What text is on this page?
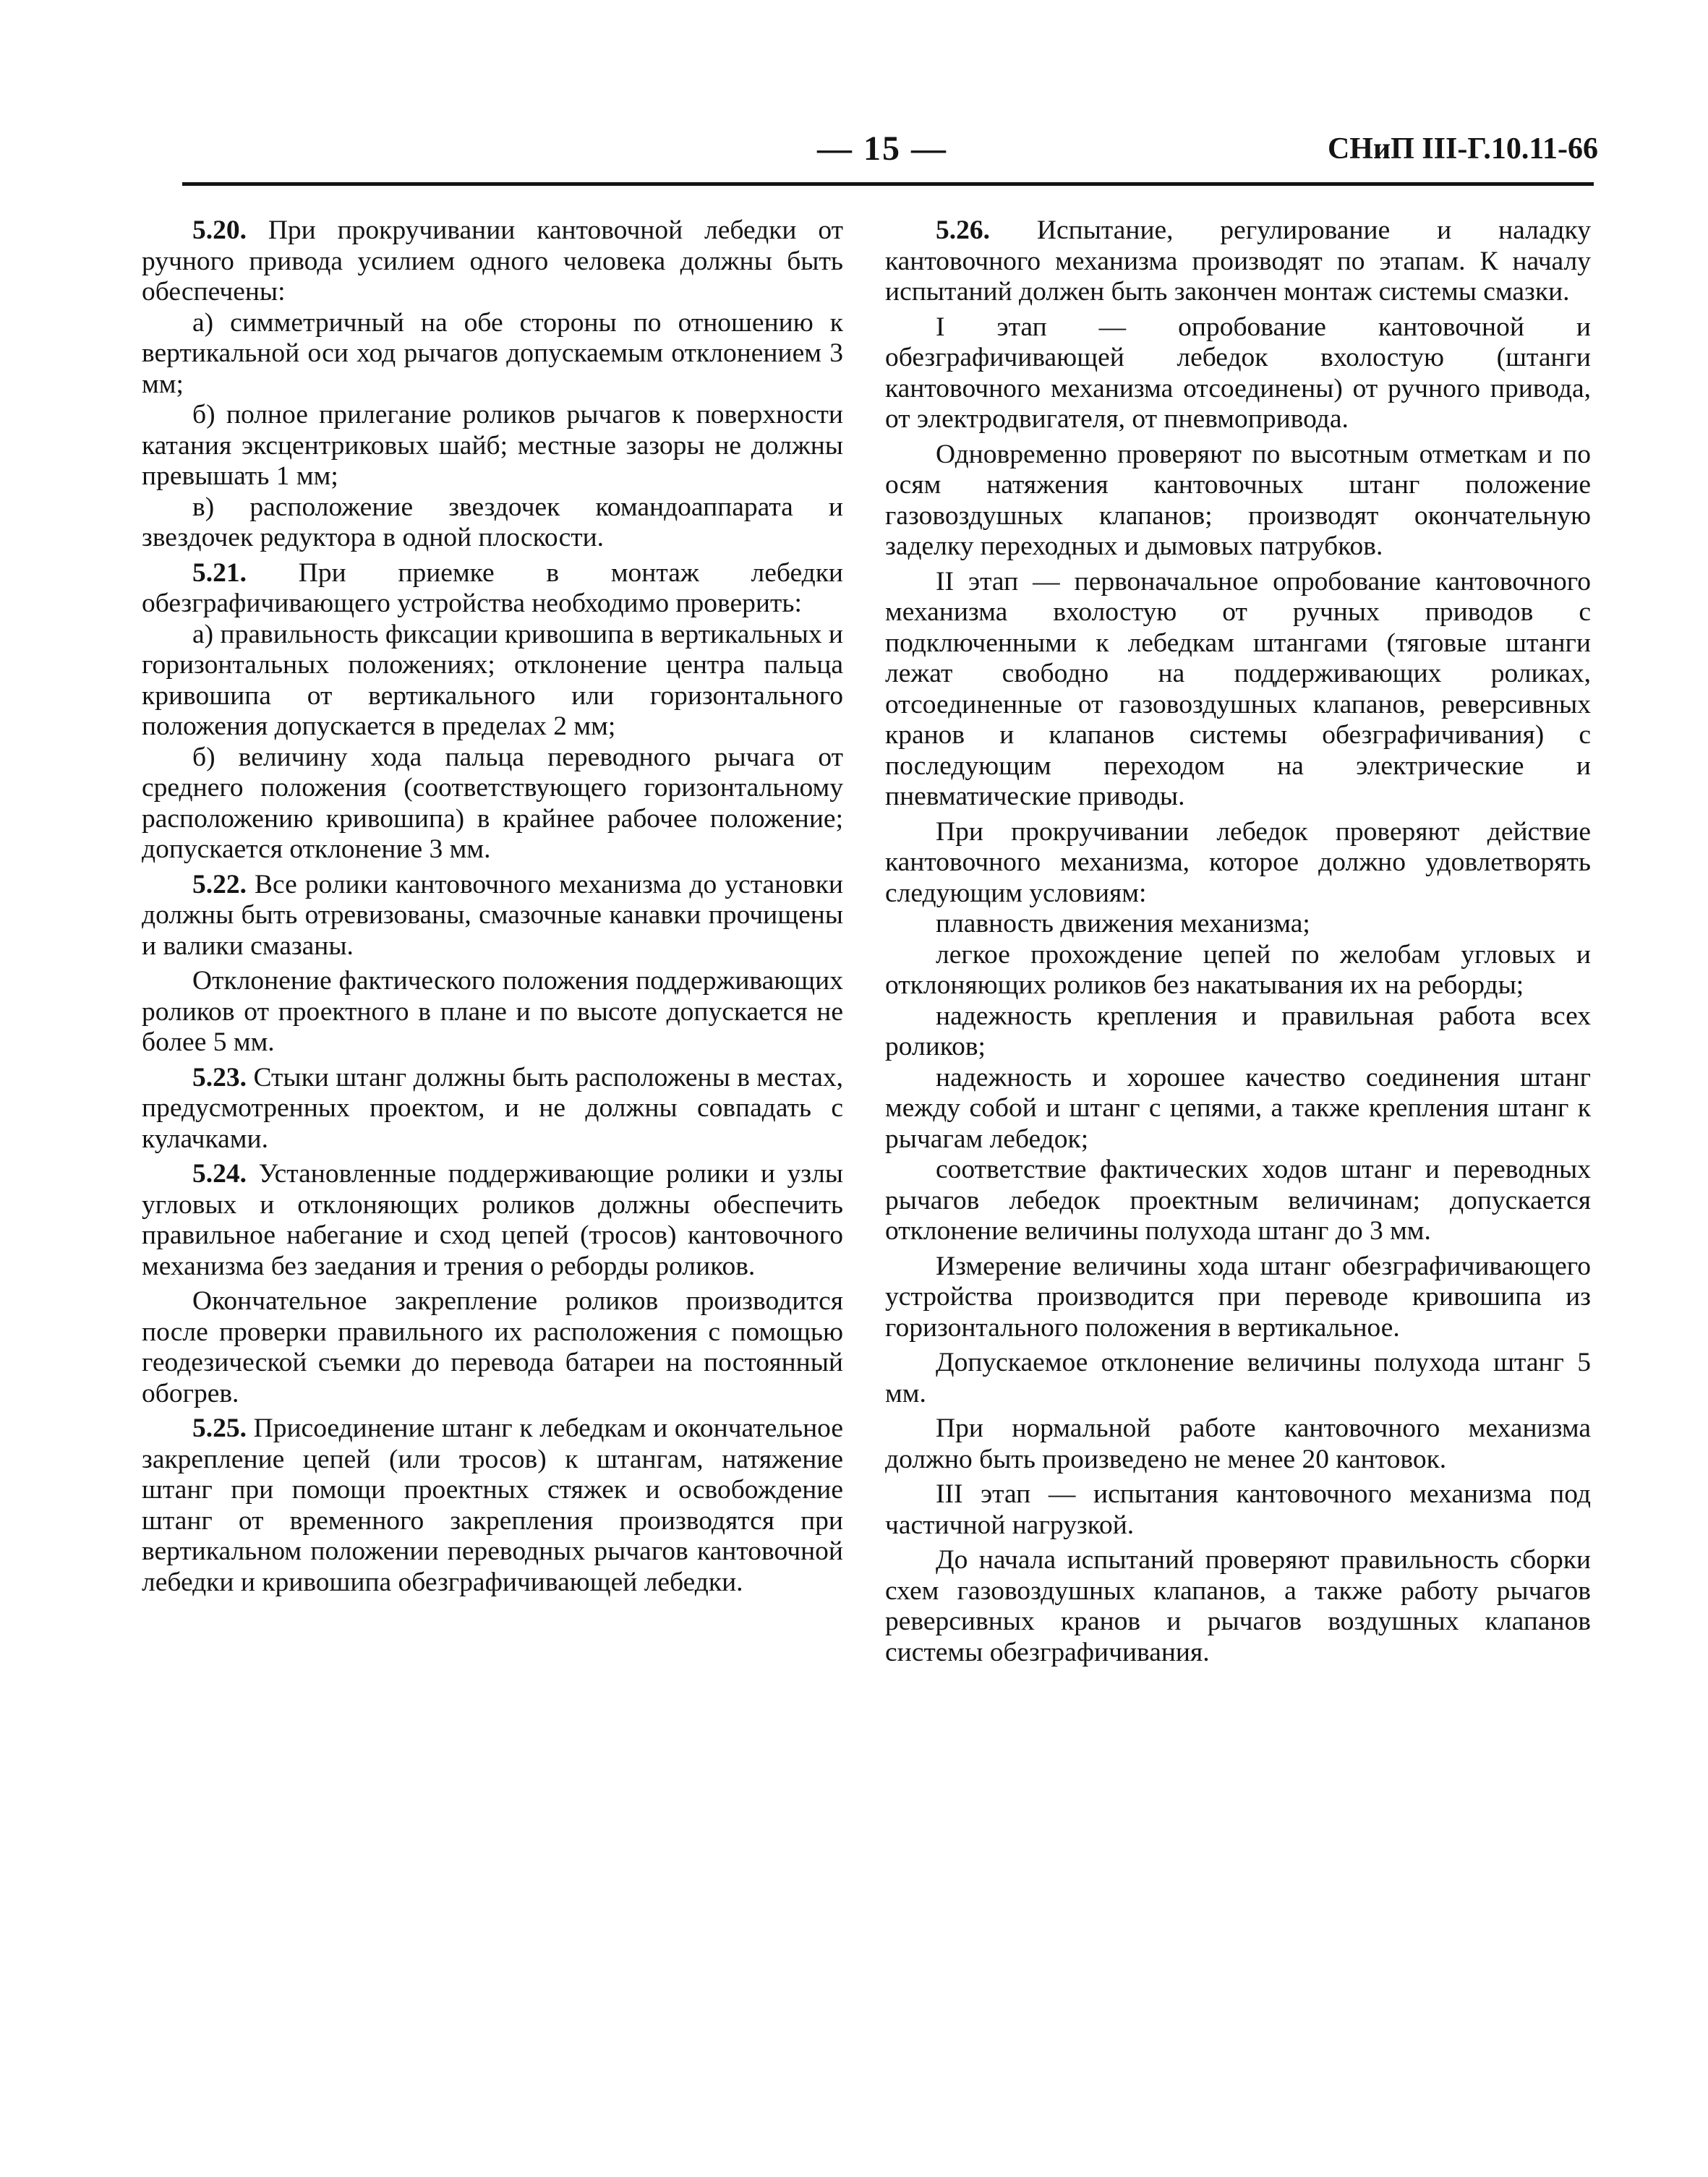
— 15 —	СНиП III-Г.10.11-66

5.20. При прокручивании кантовочной лебедки от ручного привода усилием одного человека должны быть обеспечены:

а) симметричный на обе стороны по отношению к вертикальной оси ход рычагов допускаемым отклонением 3 мм;

б) полное прилегание роликов рычагов к поверхности катания эксцентриковых шайб; местные зазоры не должны превышать 1 мм;

в) расположение звездочек командоаппарата и звездочек редуктора в одной плоскости.

5.21. При приемке в монтаж лебедки обезграфичивающего устройства необходимо проверить:

а) правильность фиксации кривошипа в вертикальных и горизонтальных положениях; отклонение центра пальца кривошипа от вертикального или горизонтального положения допускается в пределах 2 мм;

б) величину хода пальца переводного рычага от среднего положения (соответствующего горизонтальному расположению кривошипа) в крайнее рабочее положение; допускается отклонение 3 мм.

5.22. Все ролики кантовочного механизма до установки должны быть отревизованы, смазочные канавки прочищены и валики смазаны.

Отклонение фактического положения поддерживающих роликов от проектного в плане и по высоте допускается не более 5 мм.

5.23. Стыки штанг должны быть расположены в местах, предусмотренных проектом, и не должны совпадать с кулачками.

5.24. Установленные поддерживающие ролики и узлы угловых и отклоняющих роликов должны обеспечить правильное набегание и сход цепей (тросов) кантовочного механизма без заедания и трения о реборды роликов.

Окончательное закрепление роликов производится после проверки правильного их расположения с помощью геодезической съемки до перевода батареи на постоянный обогрев.

5.25. Присоединение штанг к лебедкам и окончательное закрепление цепей (или тросов) к штангам, натяжение штанг при помощи проектных стяжек и освобождение штанг от временного закрепления производятся при вертикальном положении переводных рычагов кантовочной лебедки и кривошипа обезграфичивающей лебедки.

5.26. Испытание, регулирование и наладку кантовочного механизма производят по этапам. К началу испытаний должен быть закончен монтаж системы смазки.

I этап — опробование кантовочной и обезграфичивающей лебедок вхолостую (штанги кантовочного механизма отсоединены) от ручного привода, от электродвигателя, от пневмопривода.

Одновременно проверяют по высотным отметкам и по осям натяжения кантовочных штанг положение газовоздушных клапанов; производят окончательную заделку переходных и дымовых патрубков.

II этап — первоначальное опробование кантовочного механизма вхолостую от ручных приводов с подключенными к лебедкам штангами (тяговые штанги лежат свободно на поддерживающих роликах, отсоединенные от газовоздушных клапанов, реверсивных кранов и клапанов системы обезграфичивания) с последующим переходом на электрические и пневматические приводы.

При прокручивании лебедок проверяют действие кантовочного механизма, которое должно удовлетворять следующим условиям:

плавность движения механизма;

легкое прохождение цепей по желобам угловых и отклоняющих роликов без накатывания их на реборды;

надежность крепления и правильная работа всех роликов;

надежность и хорошее качество соединения штанг между собой и штанг с цепями, а также крепления штанг к рычагам лебедок;

соответствие фактических ходов штанг и переводных рычагов лебедок проектным величинам; допускается отклонение величины полухода штанг до 3 мм.

Измерение величины хода штанг обезграфичивающего устройства производится при переводе кривошипа из горизонтального положения в вертикальное.

Допускаемое отклонение величины полухода штанг 5 мм.

При нормальной работе кантовочного механизма должно быть произведено не менее 20 кантовок.

III этап — испытания кантовочного механизма под частичной нагрузкой.

До начала испытаний проверяют правильность сборки схем газовоздушных клапанов, а также работу рычагов реверсивных кранов и рычагов воздушных клапанов системы обезграфичивания.
